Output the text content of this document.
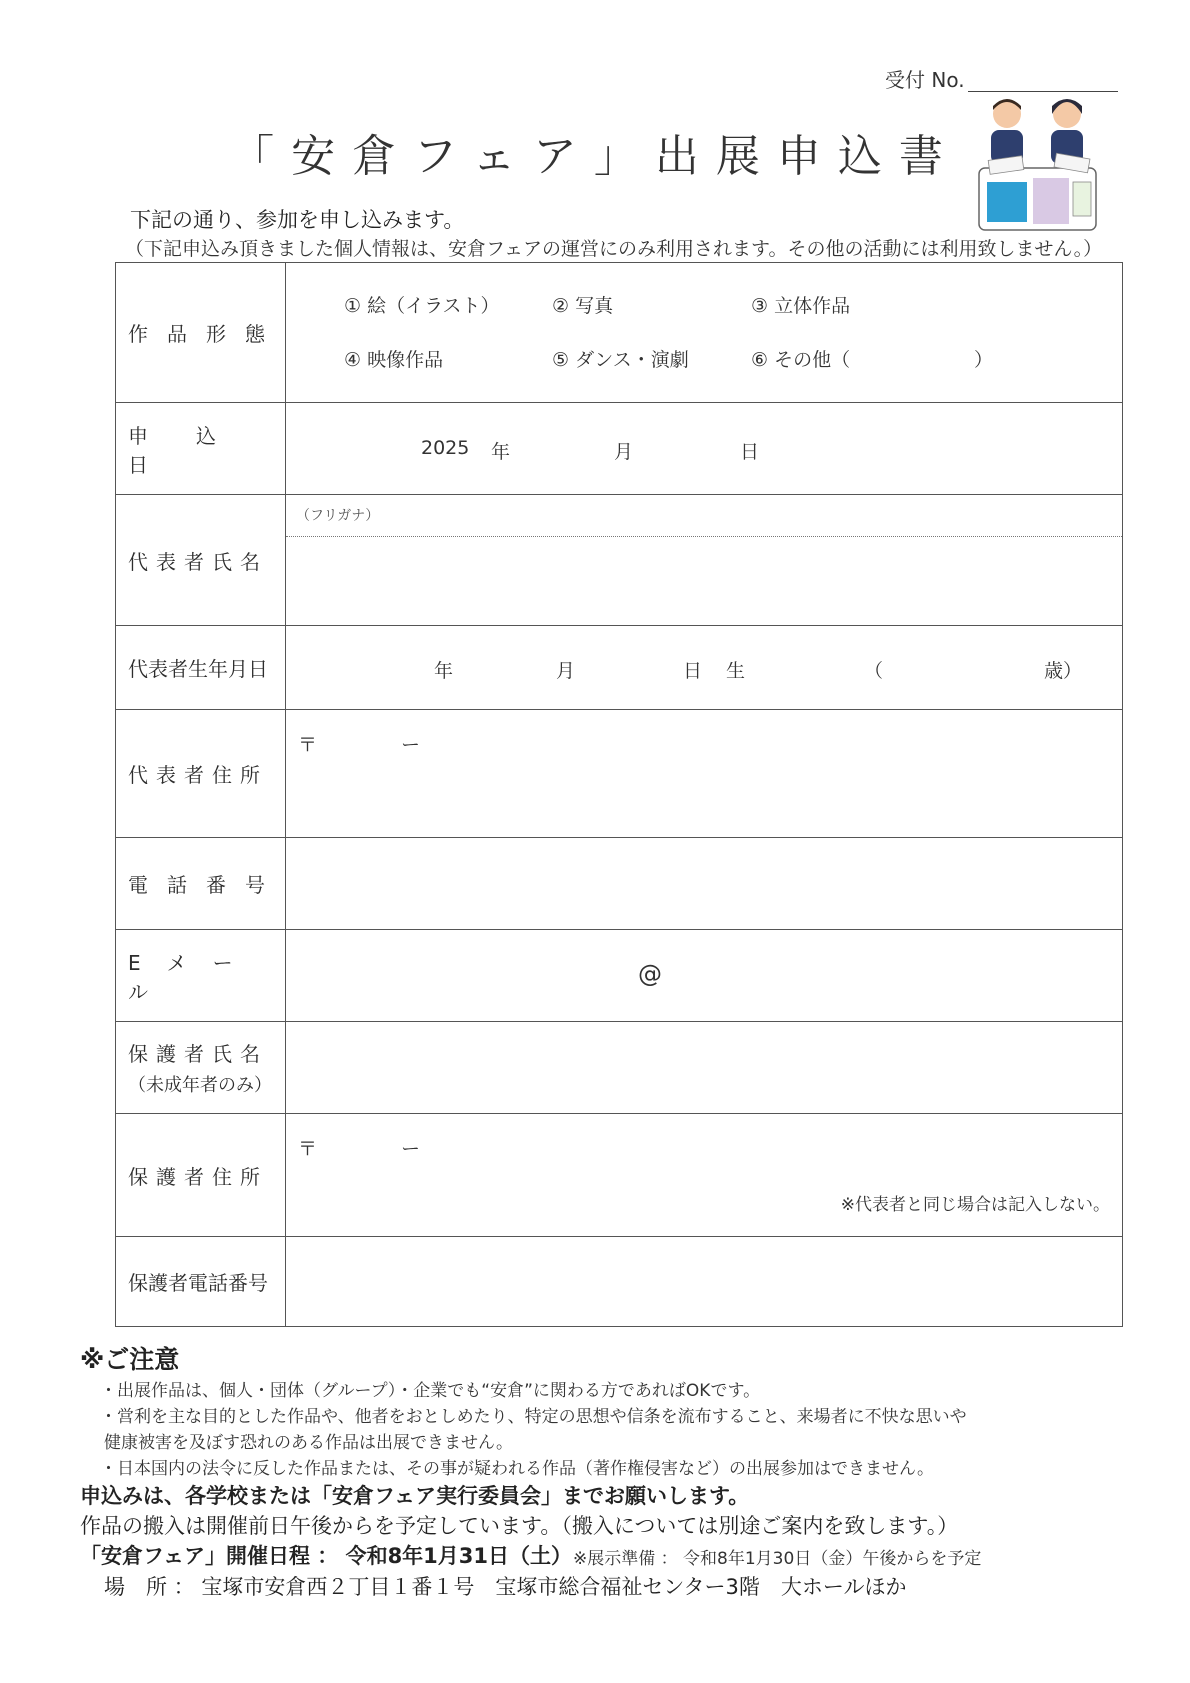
受付 No.
「安倉フェア」出展申込書
下記の通り、参加を申し込みます。
（下記申込み頂きました個人情報は、安倉フェアの運営にのみ利用されます。その他の活動には利用致しません。）
作品形態
① 絵（イラスト）	② 写真	③ 立体作品
④ 映像作品	⑤ ダンス・演劇	⑥ その他（	）
申込日
2025 年	月	日
代表者氏名
（フリガナ）
代表者生年月日	年	月	日 生	（	歳）
代表者住所
〒	ー
電話番号
Eメール
@
保護者氏名
（未成年者のみ）
保護者住所
〒	ー
※代表者と同じ場合は記入しない。
保護者電話番号
※ご注意
・出展作品は、個人・団体（グループ）・企業でも“安倉”に関わる方であればOKです。
・営利を主な目的とした作品や、他者をおとしめたり、特定の思想や信条を流布すること、来場者に不快な思いや
健康被害を及ぼす恐れのある作品は出展できません。
・日本国内の法令に反した作品または、その事が疑われる作品（著作権侵害など）の出展参加はできません。
申込みは、各学校または「安倉フェア実行委員会」までお願いします。
作品の搬入は開催前日午後からを予定しています。（搬入については別途ご案内を致します。）
「安倉フェア」開催日程 ： 令和8年1月31日（土） ※展示準備 ： 令和8年1月30日（金）午後からを予定
場　所 ： 宝塚市安倉西２丁目１番１号　宝塚市総合福祉センター3階　大ホールほか
